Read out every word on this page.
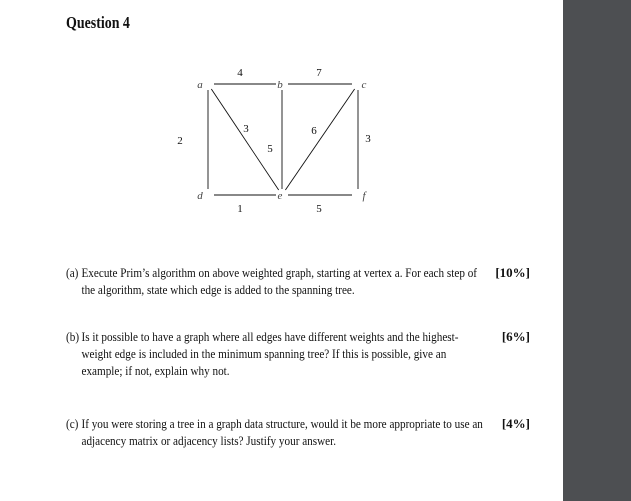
Question 4
4	7
2
3
5
6
3
1	5
a	b	c
d	e	f
(a) Execute Prim’s algorithm on above weighted graph, starting at vertex a. For each step of the algorithm, state which edge is added to the spanning tree.
[10%]
(b) Is it possible to have a graph where all edges have different weights and the highest-weight edge is included in the minimum spanning tree? If this is possible, give an example; if not, explain why not.
[6%]
(c) If you were storing a tree in a graph data structure, would it be more appropriate to use an adjacency matrix or adjacency lists? Justify your answer.
[4%]
